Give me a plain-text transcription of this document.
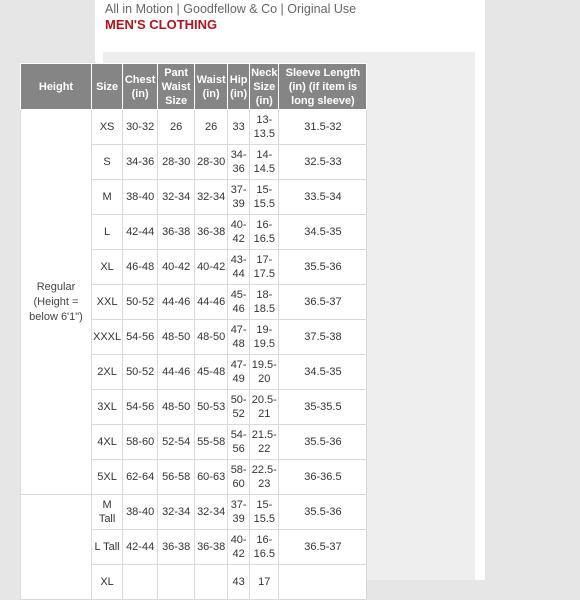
All in Motion | Goodfellow & Co | Original Use
MEN'S CLOTHING
Height	Size	Chest (in)	Pant Waist Size	Waist (in)	Hip (in)	Neck Size (in)	Sleeve Length (in) (if item is long sleeve)
Regular (Height = below 6'1")	XS	30-32	26	26	33	13-13.5	31.5-32
	S	34-36	28-30	28-30	34-36	14-14.5	32.5-33
	M	38-40	32-34	32-34	37-39	15-15.5	33.5-34
	L	42-44	36-38	36-38	40-42	16-16.5	34.5-35
	XL	46-48	40-42	40-42	43-44	17-17.5	35.5-36
	XXL	50-52	44-46	44-46	45-46	18-18.5	36.5-37
	XXXL	54-56	48-50	48-50	47-48	19-19.5	37.5-38
	2XL	50-52	44-46	45-48	47-49	19.5-20	34.5-35
	3XL	54-56	48-50	50-53	50-52	20.5-21	35-35.5
	4XL	58-60	52-54	55-58	54-56	21.5-22	35.5-36
	5XL	62-64	56-58	60-63	58-60	22.5-23	36-36.5
	M Tall	38-40	32-34	32-34	37-39	15-15.5	35.5-36
	L Tall	42-44	36-38	36-38	40-42	16-16.5	36.5-37
	XL				43	17	
